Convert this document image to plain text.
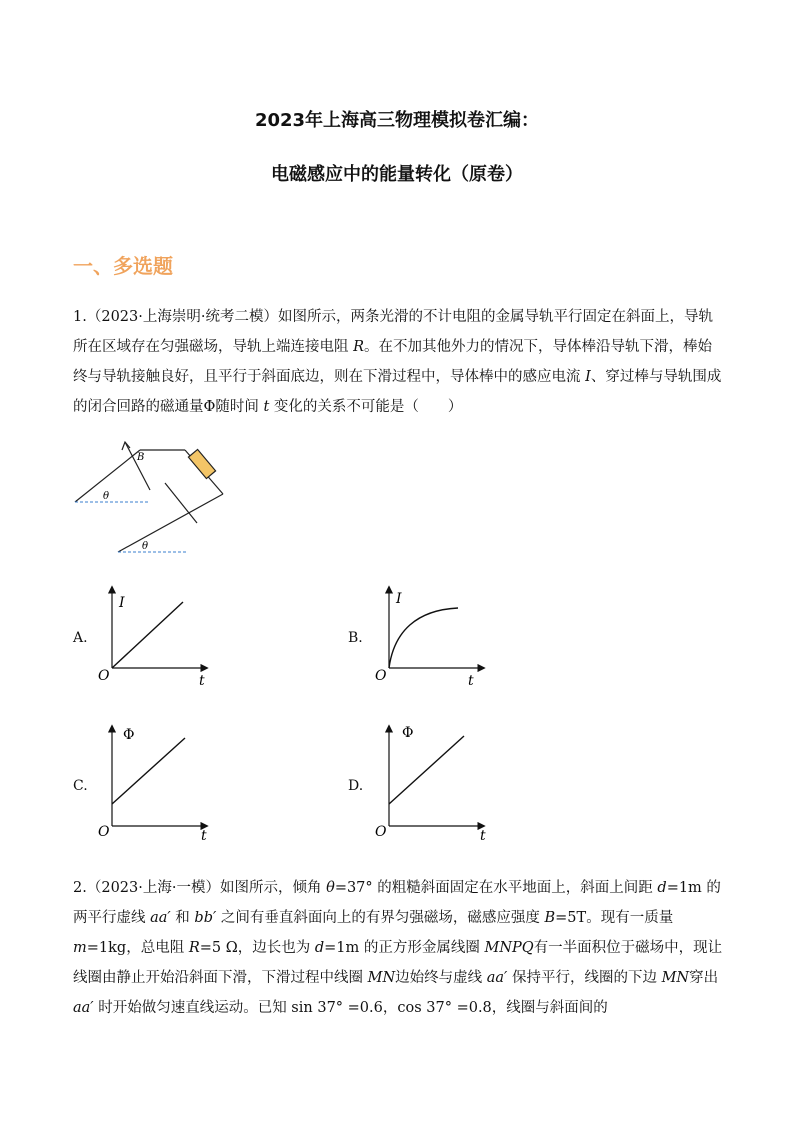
2023年上海高三物理模拟卷汇编：
电磁感应中的能量转化（原卷）
一、多选题

1.（2023·上海崇明·统考二模）如图所示，两条光滑的不计电阻的金属导轨平行固定在斜面上，导轨所在区域存在匀强磁场，导轨上端连接电阻 R。在不加其他外力的情况下，导体棒沿导轨下滑，棒始终与导轨接触良好，且平行于斜面底边，则在下滑过程中，导体棒中的感应电流 I、穿过棒与导轨围成的闭合回路的磁通量Φ随时间 t 变化的关系不可能是（　　）

B
θ
θ
A.
I
t
O
B.
I
t
O
C.
Φ
t
O
D.
Φ
t
O

2.（2023·上海·一模）如图所示，倾角 θ=37° 的粗糙斜面固定在水平地面上，斜面上间距 d=1m 的两平行虚线 aa′ 和 bb′ 之间有垂直斜面向上的有界匀强磁场，磁感应强度 B=5T。现有一质量 m=1kg，总电阻 R=5 Ω，边长也为 d=1m 的正方形金属线圈 MNPQ有一半面积位于磁场中，现让线圈由静止开始沿斜面下滑，下滑过程中线圈 MN边始终与虚线 aa′ 保持平行，线圈的下边 MN穿出 aa′ 时开始做匀速直线运动。已知 sin 37° =0.6，cos 37° =0.8，线圈与斜面间的
